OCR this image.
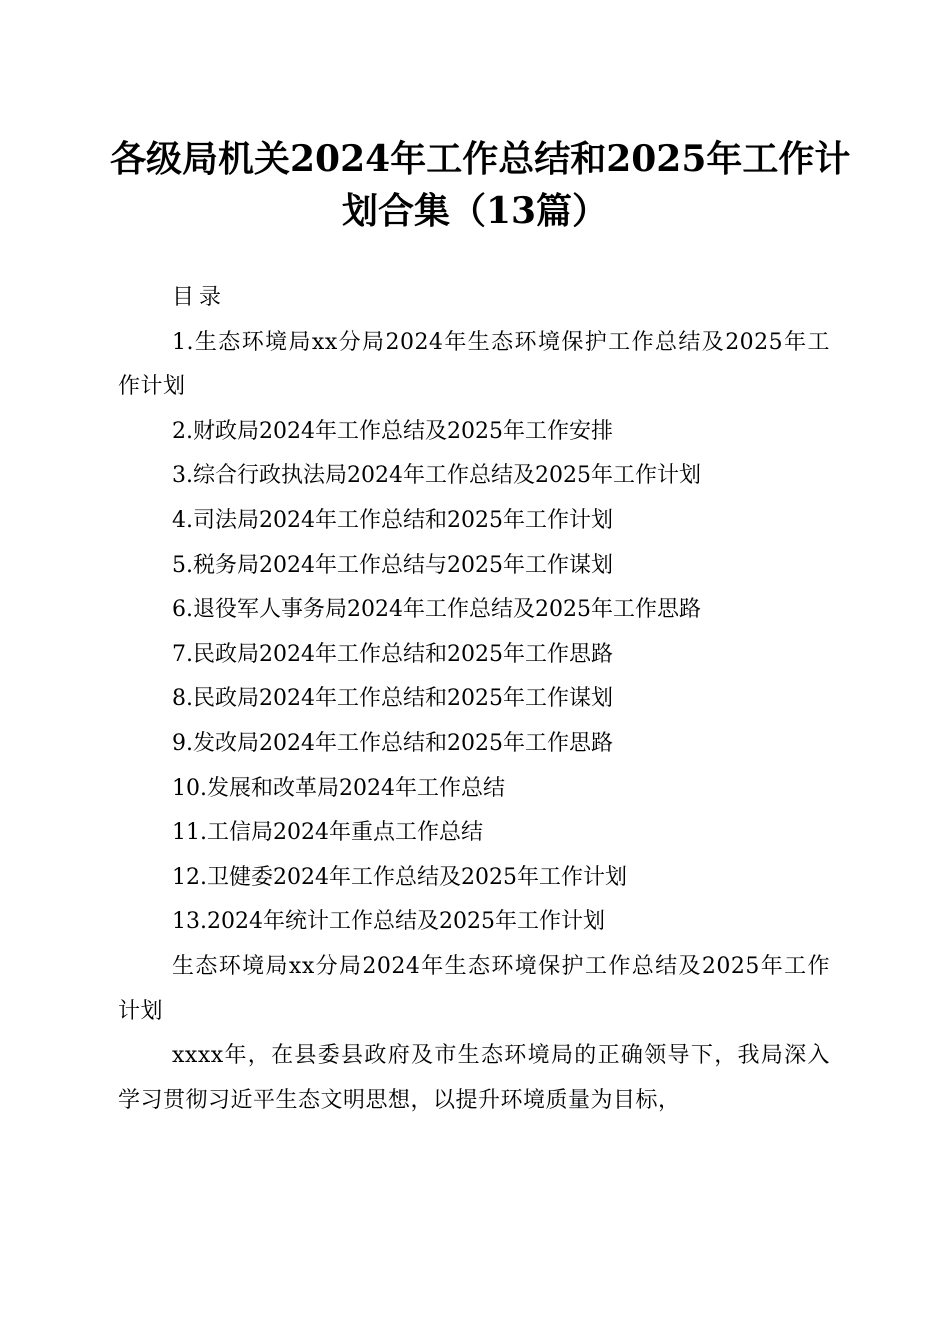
各级局机关2024年工作总结和2025年工作计
划合集（13篇）

目录

1.生态环境局xx分局2024年生态环境保护工作总结及2025年工作计划

2.财政局2024年工作总结及2025年工作安排

3.综合行政执法局2024年工作总结及2025年工作计划

4.司法局2024年工作总结和2025年工作计划

5.税务局2024年工作总结与2025年工作谋划

6.退役军人事务局2024年工作总结及2025年工作思路

7.民政局2024年工作总结和2025年工作思路

8.民政局2024年工作总结和2025年工作谋划

9.发改局2024年工作总结和2025年工作思路

10.发展和改革局2024年工作总结

11.工信局2024年重点工作总结

12.卫健委2024年工作总结及2025年工作计划

13.2024年统计工作总结及2025年工作计划

生态环境局xx分局2024年生态环境保护工作总结及2025年工作计划

xxxx年，在县委县政府及市生态环境局的正确领导下，我局深入学习贯彻习近平生态文明思想，以提升环境质量为目标，
